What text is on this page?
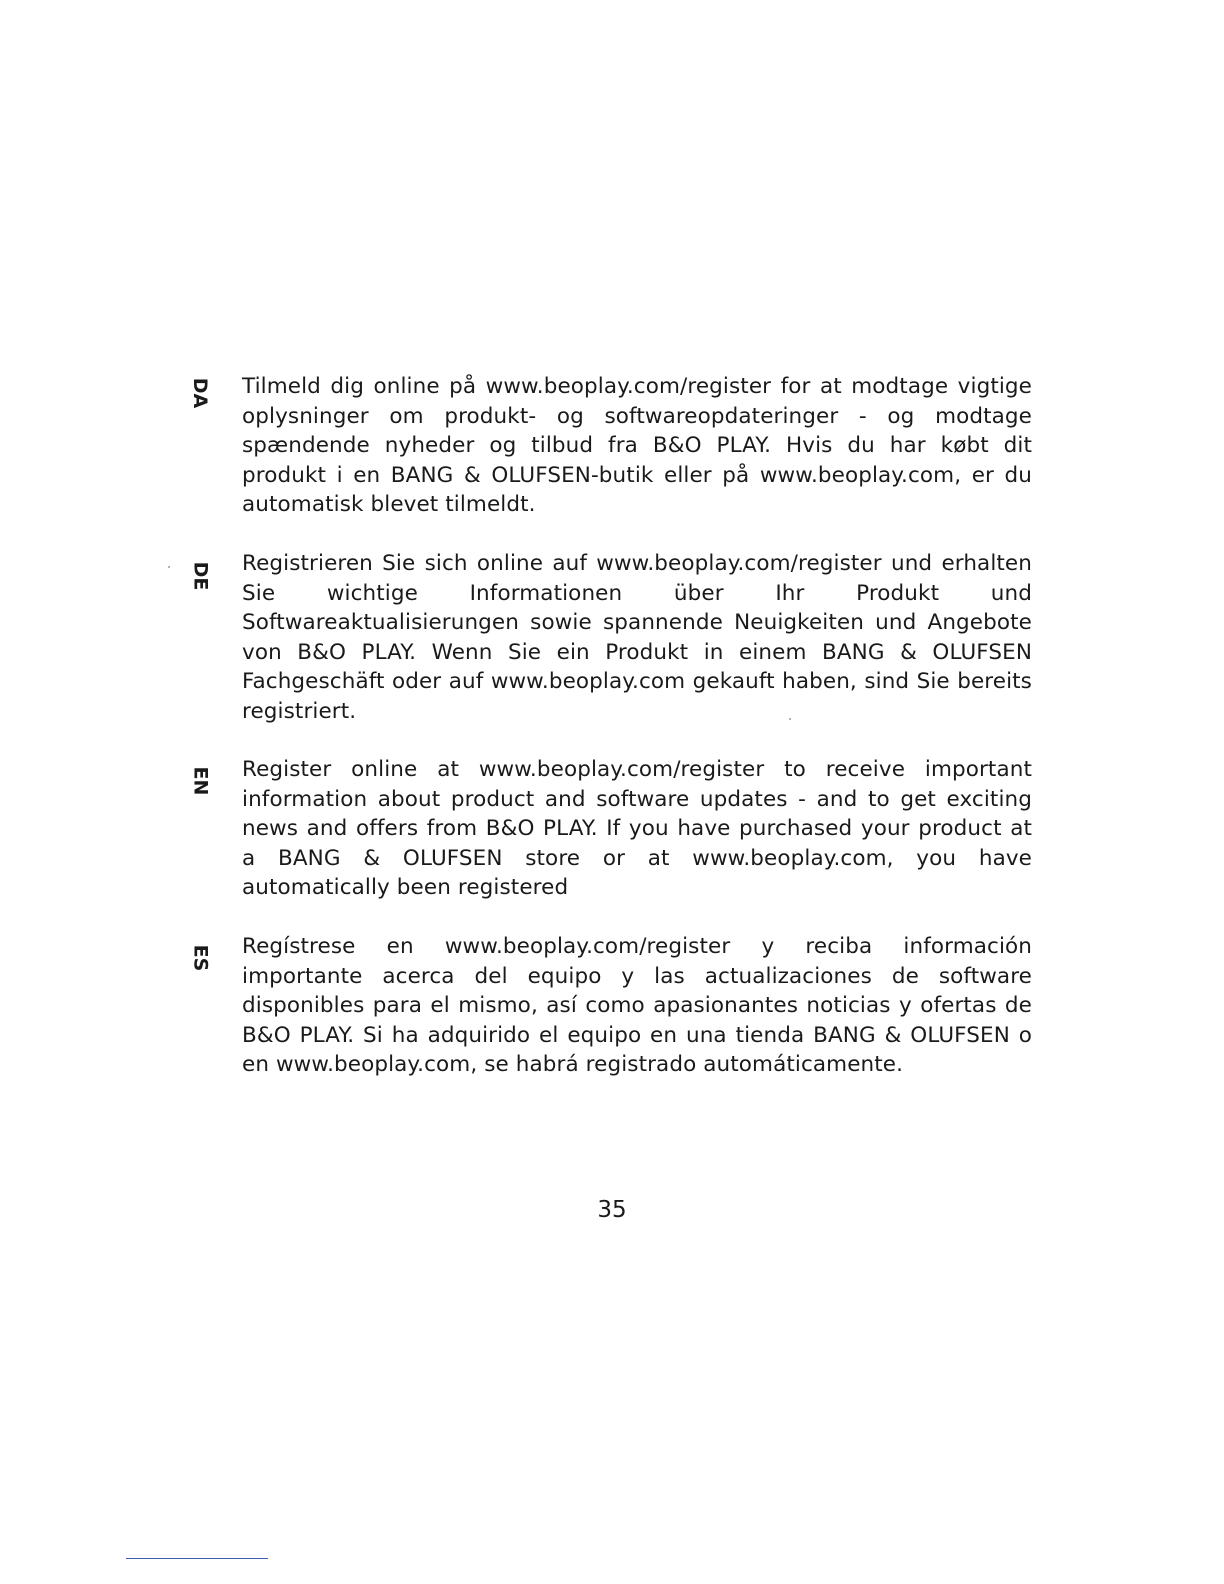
DA Tilmeld dig online på www.beoplay.com/register for at modtage vigtige oplysninger om produkt- og softwareopdateringer - og modtage spændende nyheder og tilbud fra B&O PLAY. Hvis du har købt dit produkt i en BANG & OLUFSEN-butik eller på www.beoplay.com, er du automatisk blevet tilmeldt.

DE Registrieren Sie sich online auf www.beoplay.com/register und erhalten Sie wichtige Informationen über Ihr Produkt und Softwareaktualisierungen sowie spannende Neuigkeiten und Angebote von B&O PLAY. Wenn Sie ein Produkt in einem BANG & OLUFSEN Fachgeschäft oder auf www.beoplay.com gekauft haben, sind Sie bereits registriert.

EN Register online at www.beoplay.com/register to receive important information about product and software updates - and to get exciting news and offers from B&O PLAY. If you have purchased your product at a BANG & OLUFSEN store or at www.beoplay.com, you have automatically been registered

ES Regístrese en www.beoplay.com/register y reciba información importante acerca del equipo y las actualizaciones de software disponibles para el mismo, así como apasionantes noticias y ofertas de B&O PLAY. Si ha adquirido el equipo en una tienda BANG & OLUFSEN o en www.beoplay.com, se habrá registrado automáticamente.

35
